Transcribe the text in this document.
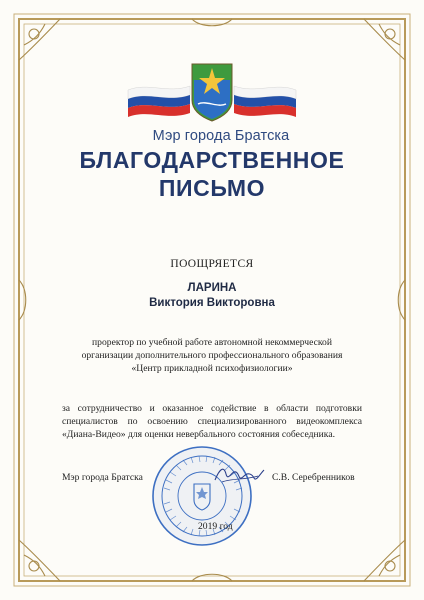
Мэр города Братска
БЛАГОДАРСТВЕННОЕ
ПИСЬМО
ПООЩРЯЕТСЯ
ЛАРИНА
Виктория Викторовна
проректор по учебной работе автономной некоммерческой
организации дополнительного профессионального образования
«Центр прикладной психофизиологии»
за сотрудничество и оказанное содействие в области подготовки специалистов по освоению специализированного видеокомплекса «Диана-Видео» для оценки невербального состояния собеседника.
Мэр города Братска	С.В. Серебренников
2019 год
